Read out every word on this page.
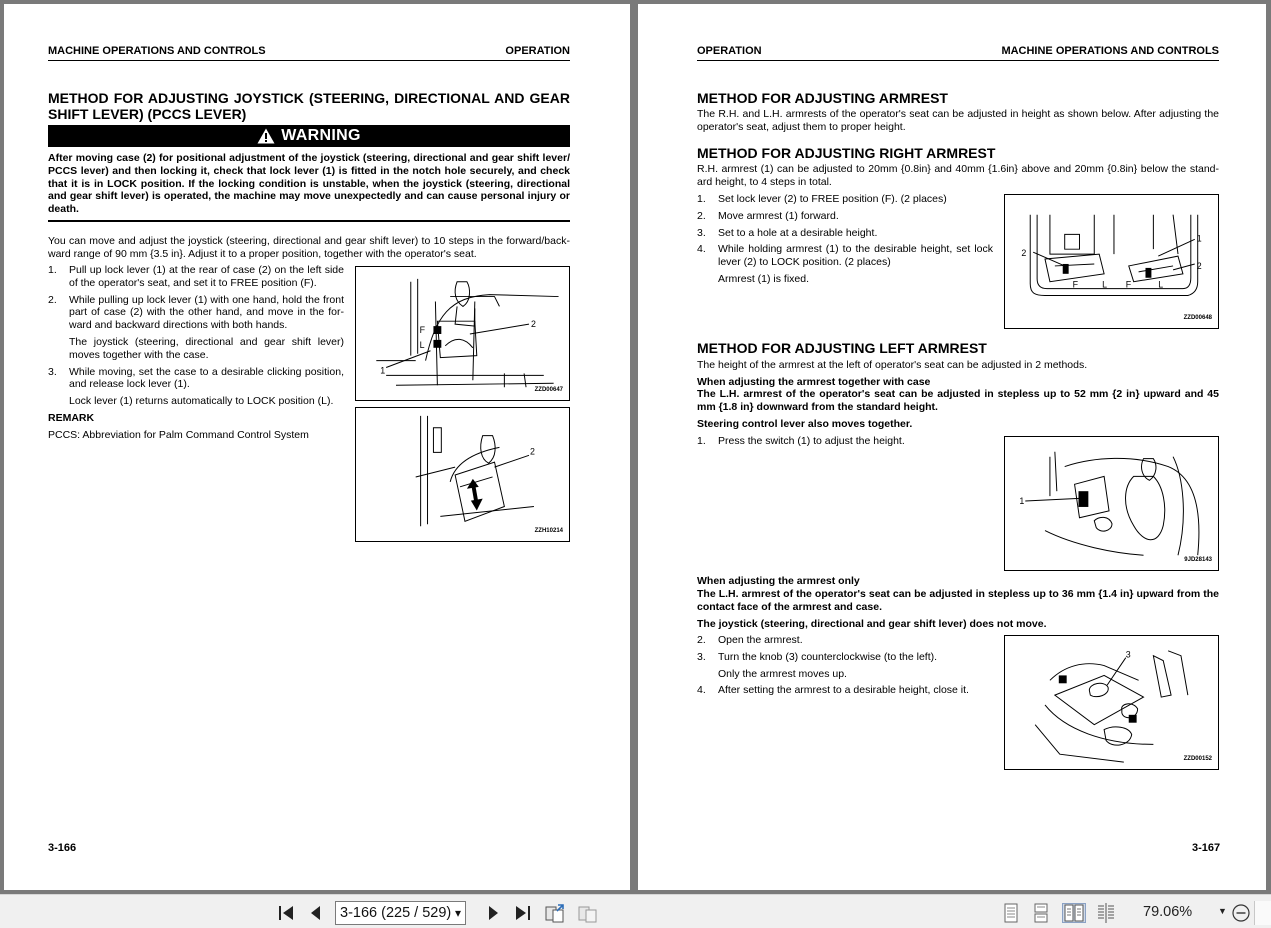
MACHINE OPERATIONS AND CONTROLS	OPERATION
METHOD FOR ADJUSTING JOYSTICK (STEERING, DIRECTIONAL AND GEAR
SHIFT LEVER) (PCCS LEVER)
WARNING
After moving case (2) for positional adjustment of the joystick (steering, directional and gear shift lever/ PCCS lever) and then locking it, check that lock lever (1) is fitted in the notch hole securely, and check that it is in LOCK position. If the locking condition is unstable, when the joystick (steering, directional and gear shift lever) is operated, the machine may move unexpectedly and can cause personal injury or death.
You can move and adjust the joystick (steering, directional and gear shift lever) to 10 steps in the forward/back-ward range of 90 mm {3.5 in}. Adjust it to a proper position, together with the operator's seat.
1.	Pull up lock lever (1) at the rear of case (2) on the left side of the operator's seat, and set it to FREE position (F).
2.	While pulling up lock lever (1) with one hand, hold the front part of case (2) with the other hand, and move in the for-ward and backward directions with both hands.
The joystick (steering, directional and gear shift lever) moves together with the case.
3.	While moving, set the case to a desirable clicking position, and release lock lever (1).
Lock lever (1) returns automatically to LOCK position (L).
REMARK
PCCS: Abbreviation for Palm Command Control System
F
L
2
1
ZZD00647
2
ZZH10214
3-166
OPERATION	MACHINE OPERATIONS AND CONTROLS
METHOD FOR ADJUSTING ARMREST
The R.H. and L.H. armrests of the operator's seat can be adjusted in height as shown below. After adjusting the operator's seat, adjust them to proper height.
METHOD FOR ADJUSTING RIGHT ARMREST
R.H. armrest (1) can be adjusted to 20mm {0.8in} and 40mm {1.6in} above and 20mm {0.8in} below the stand-ard height, to 4 steps in total.
1.	Set lock lever (2) to FREE position (F). (2 places)
2.	Move armrest (1) forward.
3.	Set to a hole at a desirable height.
4.	While holding armrest (1) to the desirable height, set lock lever (2) to LOCK position. (2 places)
Armrest (1) is fixed.
1
2
2
F	L F	L
ZZD00648
METHOD FOR ADJUSTING LEFT ARMREST
The height of the armrest at the left of operator's seat can be adjusted in 2 methods.
When adjusting the armrest together with case
The L.H. armrest of the operator's seat can be adjusted in stepless up to 52 mm {2 in} upward and 45 mm {1.8 in} downward from the standard height.
Steering control lever also moves together.
1.	Press the switch (1) to adjust the height.
1
9JD28143
When adjusting the armrest only
The L.H. armrest of the operator's seat can be adjusted in stepless up to 36 mm {1.4 in} upward from the contact face of the armrest and case.
The joystick (steering, directional and gear shift lever) does not move.
2.	Open the armrest.
3.	Turn the knob (3) counterclockwise (to the left).
Only the armrest moves up.
4.	After setting the armrest to a desirable height, close it.
3
ZZD00152
3-167
3-166 (225 / 529) ▾	79.06%	▼
